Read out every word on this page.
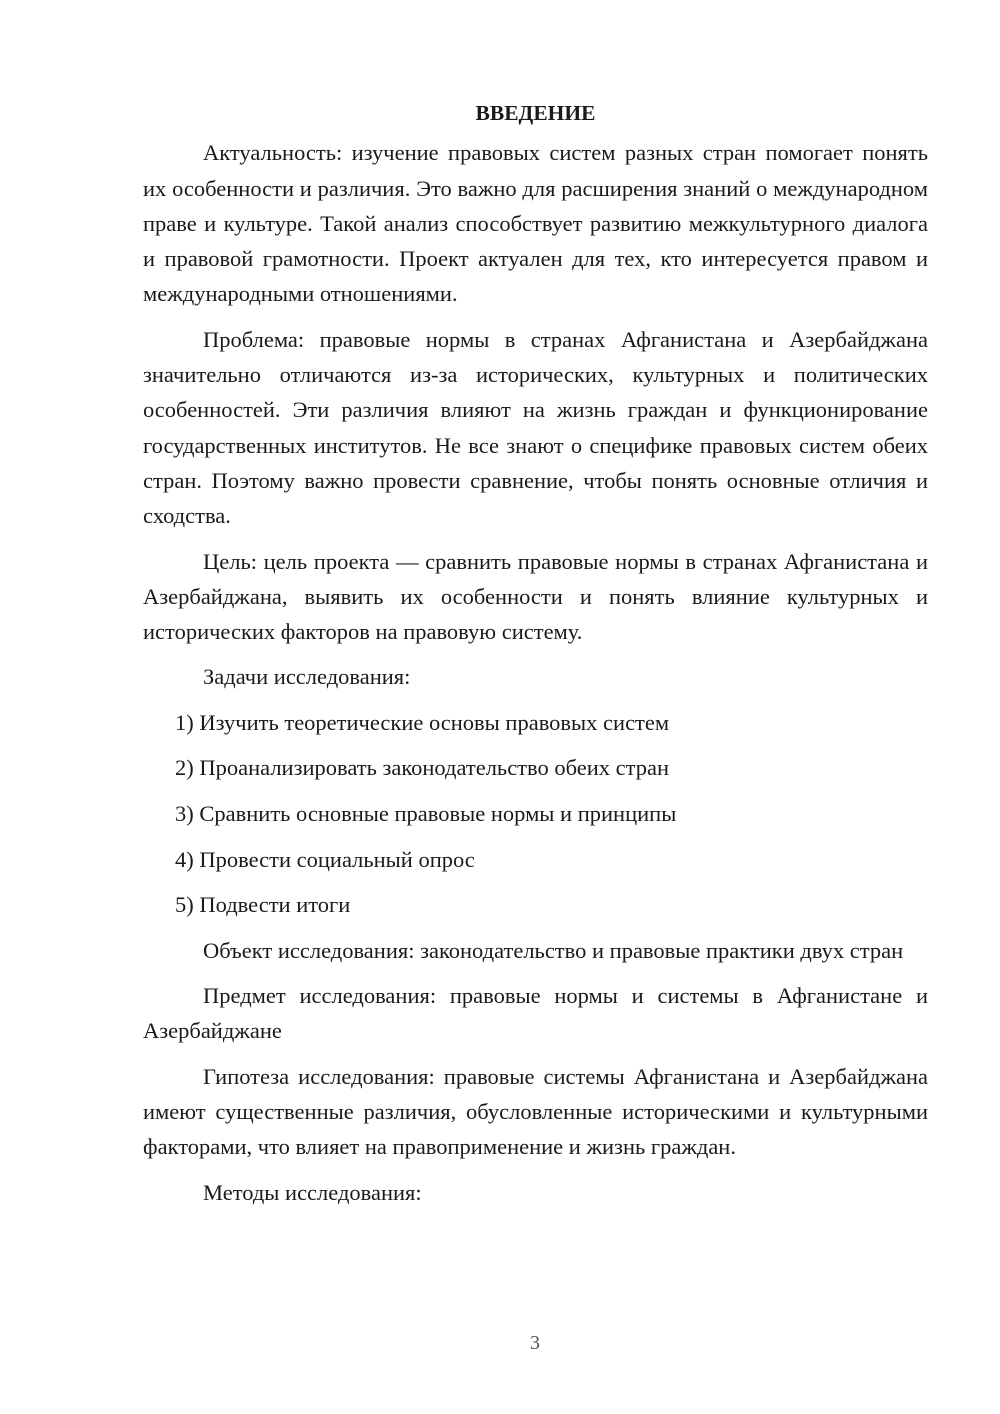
ВВЕДЕНИЕ

Актуальность: изучение правовых систем разных стран помогает понять их особенности и различия. Это важно для расширения знаний о международном праве и культуре. Такой анализ способствует развитию межкультурного диалога и правовой грамотности. Проект актуален для тех, кто интересуется правом и международными отношениями.

Проблема: правовые нормы в странах Афганистана и Азербайджана значительно отличаются из-за исторических, культурных и политических особенностей. Эти различия влияют на жизнь граждан и функционирование государственных институтов. Не все знают о специфике правовых систем обеих стран. Поэтому важно провести сравнение, чтобы понять основные отличия и сходства.

Цель: цель проекта — сравнить правовые нормы в странах Афганистана и Азербайджана, выявить их особенности и понять влияние культурных и исторических факторов на правовую систему.

Задачи исследования:

1) Изучить теоретические основы правовых систем
2) Проанализировать законодательство обеих стран
3) Сравнить основные правовые нормы и принципы
4) Провести социальный опрос
5) Подвести итоги

Объект исследования: законодательство и правовые практики двух стран

Предмет исследования: правовые нормы и системы в Афганистане и Азербайджане

Гипотеза исследования: правовые системы Афганистана и Азербайджана имеют существенные различия, обусловленные историческими и культурными факторами, что влияет на правоприменение и жизнь граждан.

Методы исследования:

3
